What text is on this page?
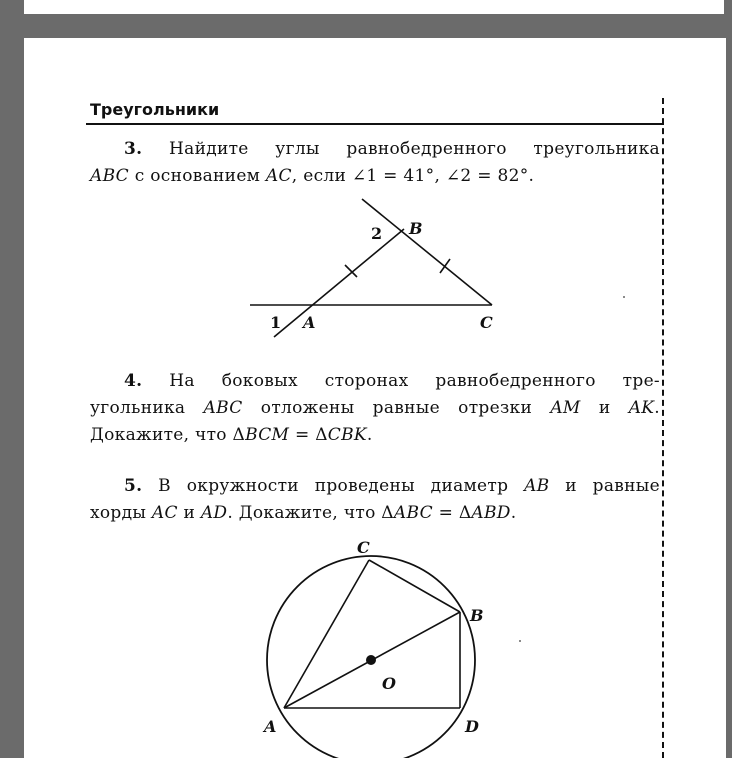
Треугольники
3. Найдите углы равнобедренного треугольника
ABC с основанием AC, если ∠1 = 41°, ∠2 = 82°.
2 B
1 A	C
4. На боковых сторонах равнобедренного тре-
угольника ABC отложены равные отрезки AM и AK.
Докажите, что ΔBCM = ΔCBK.
5. В окружности проведены диаметр AB и равные
хорды AC и AD. Докажите, что ΔABC = ΔABD.
C
B
O
A	D
